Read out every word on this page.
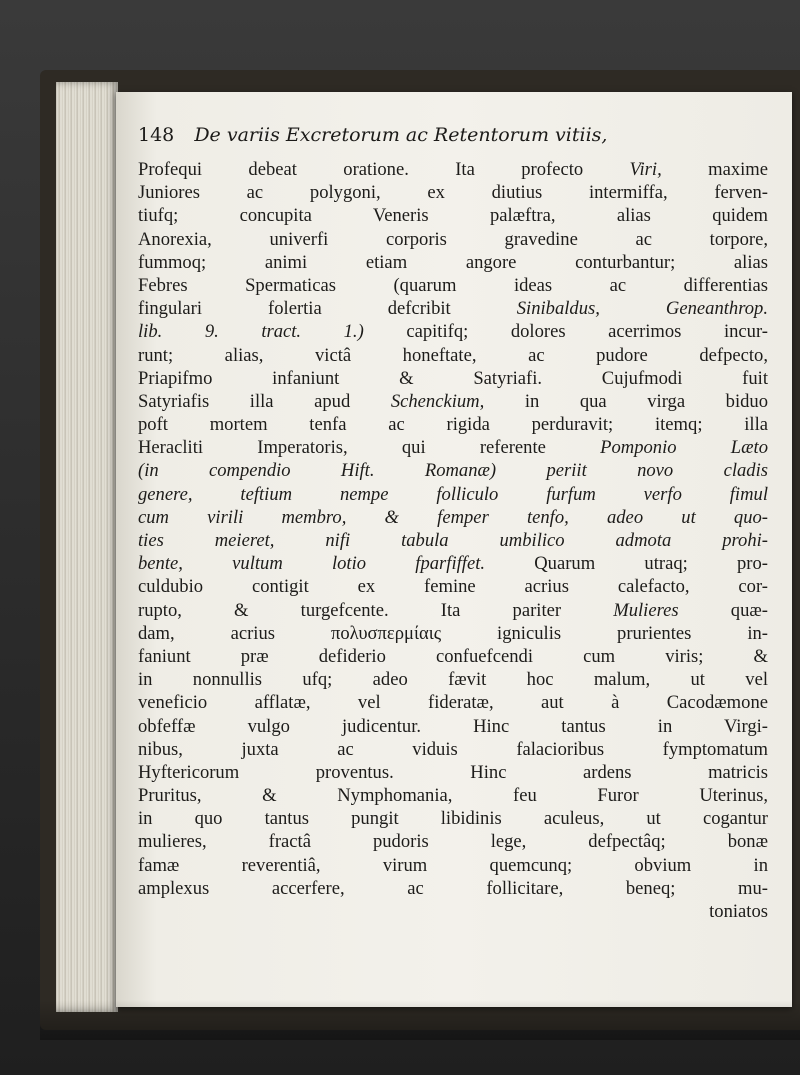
148 De variis Excretorum ac Retentorum vitiis,
Profequi debeat oratione. Ita profecto Viri, maxime
Juniores ac polygoni, ex diutius intermiffa, ferven-
tiufq; concupita Veneris palæftra, alias quidem
Anorexia, univerfi corporis gravedine ac torpore,
fummoq; animi etiam angore conturbantur; alias
Febres Spermaticas (quarum ideas ac differentias
fingulari folertia defcribit Sinibaldus, Geneanthrop.
lib. 9. tract. 1.) capitifq; dolores acerrimos incur-
runt; alias, victâ honeftate, ac pudore defpecto,
Priapifmo infaniunt & Satyriafi. Cujufmodi fuit
Satyriafis illa apud Schenckium, in qua virga biduo
poft mortem tenfa ac rigida perduravit; itemq; illa
Heracliti Imperatoris, qui referente Pomponio Læto
(in compendio Hift. Romanæ) periit novo cladis
genere, teftium nempe folliculo furfum verfo fimul
cum virili membro, & femper tenfo, adeo ut quo-
ties meieret, nifi tabula umbilico admota prohi-
bente, vultum lotio fparfiffet. Quarum utraq; pro-
culdubio contigit ex femine acrius calefacto, cor-
rupto, & turgefcente. Ita pariter Mulieres quæ-
dam, acrius πολυσπερμίαις igniculis prurientes in-
faniunt præ defiderio confuefcendi cum viris; &
in nonnullis ufq; adeo fævit hoc malum, ut vel
veneficio afflatæ, vel fideratæ, aut à Cacodæmone
obfeffæ vulgo judicentur. Hinc tantus in Virgi-
nibus, juxta ac viduis falacioribus fymptomatum
Hyftericorum proventus. Hinc ardens matricis
Pruritus, & Nymphomania, feu Furor Uterinus,
in quo tantus pungit libidinis aculeus, ut cogantur
mulieres, fractâ pudoris lege, defpectâq; bonæ
famæ reverentiâ, virum quemcunq; obvium in
amplexus accerfere, ac follicitare, beneq; mu-
toniatos
